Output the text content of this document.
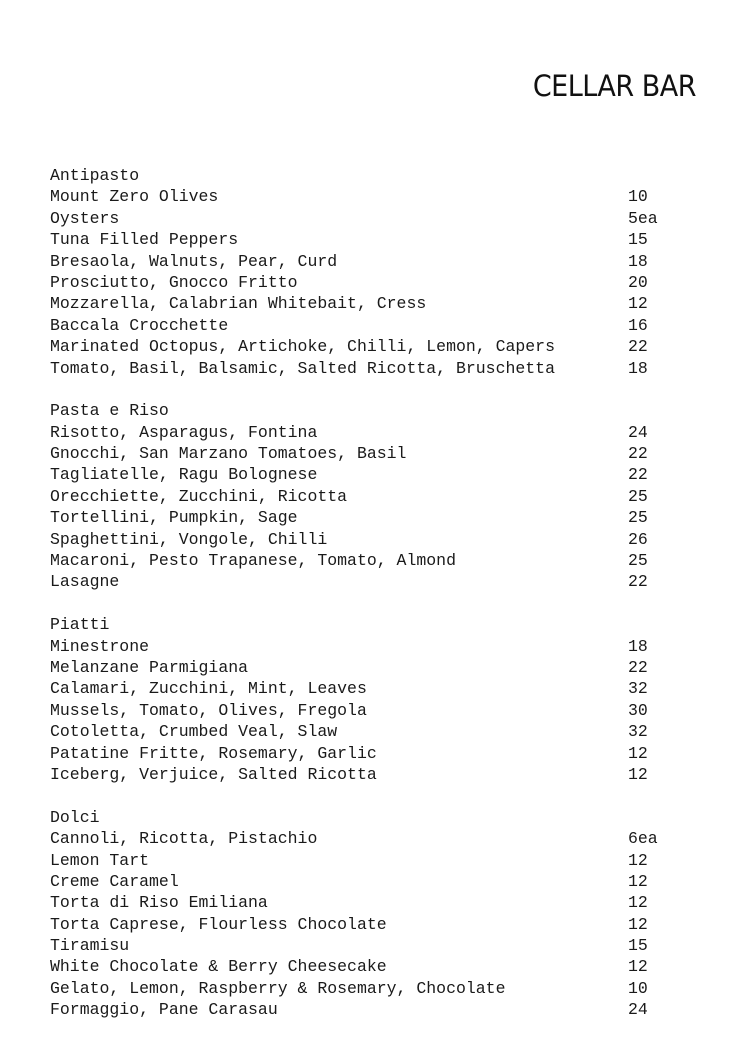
CELLAR BAR
Antipasto
Mount Zero Olives	10
Oysters	5ea
Tuna Filled Peppers	15
Bresaola, Walnuts, Pear, Curd	18
Prosciutto, Gnocco Fritto	20
Mozzarella, Calabrian Whitebait, Cress	12
Baccala Crocchette	16
Marinated Octopus, Artichoke, Chilli, Lemon, Capers	22
Tomato, Basil, Balsamic, Salted Ricotta, Bruschetta	18
Pasta e Riso
Risotto, Asparagus, Fontina	24
Gnocchi, San Marzano Tomatoes, Basil	22
Tagliatelle, Ragu Bolognese	22
Orecchiette, Zucchini, Ricotta	25
Tortellini, Pumpkin, Sage	25
Spaghettini, Vongole, Chilli	26
Macaroni, Pesto Trapanese, Tomato, Almond	25
Lasagne	22
Piatti
Minestrone	18
Melanzane Parmigiana	22
Calamari, Zucchini, Mint, Leaves	32
Mussels, Tomato, Olives, Fregola	30
Cotoletta, Crumbed Veal, Slaw	32
Patatine Fritte, Rosemary, Garlic	12
Iceberg, Verjuice, Salted Ricotta	12
Dolci
Cannoli, Ricotta, Pistachio	6ea
Lemon Tart	12
Creme Caramel	12
Torta di Riso Emiliana	12
Torta Caprese, Flourless Chocolate	12
Tiramisu	15
White Chocolate & Berry Cheesecake	12
Gelato, Lemon, Raspberry & Rosemary, Chocolate	10
Formaggio, Pane Carasau	24
